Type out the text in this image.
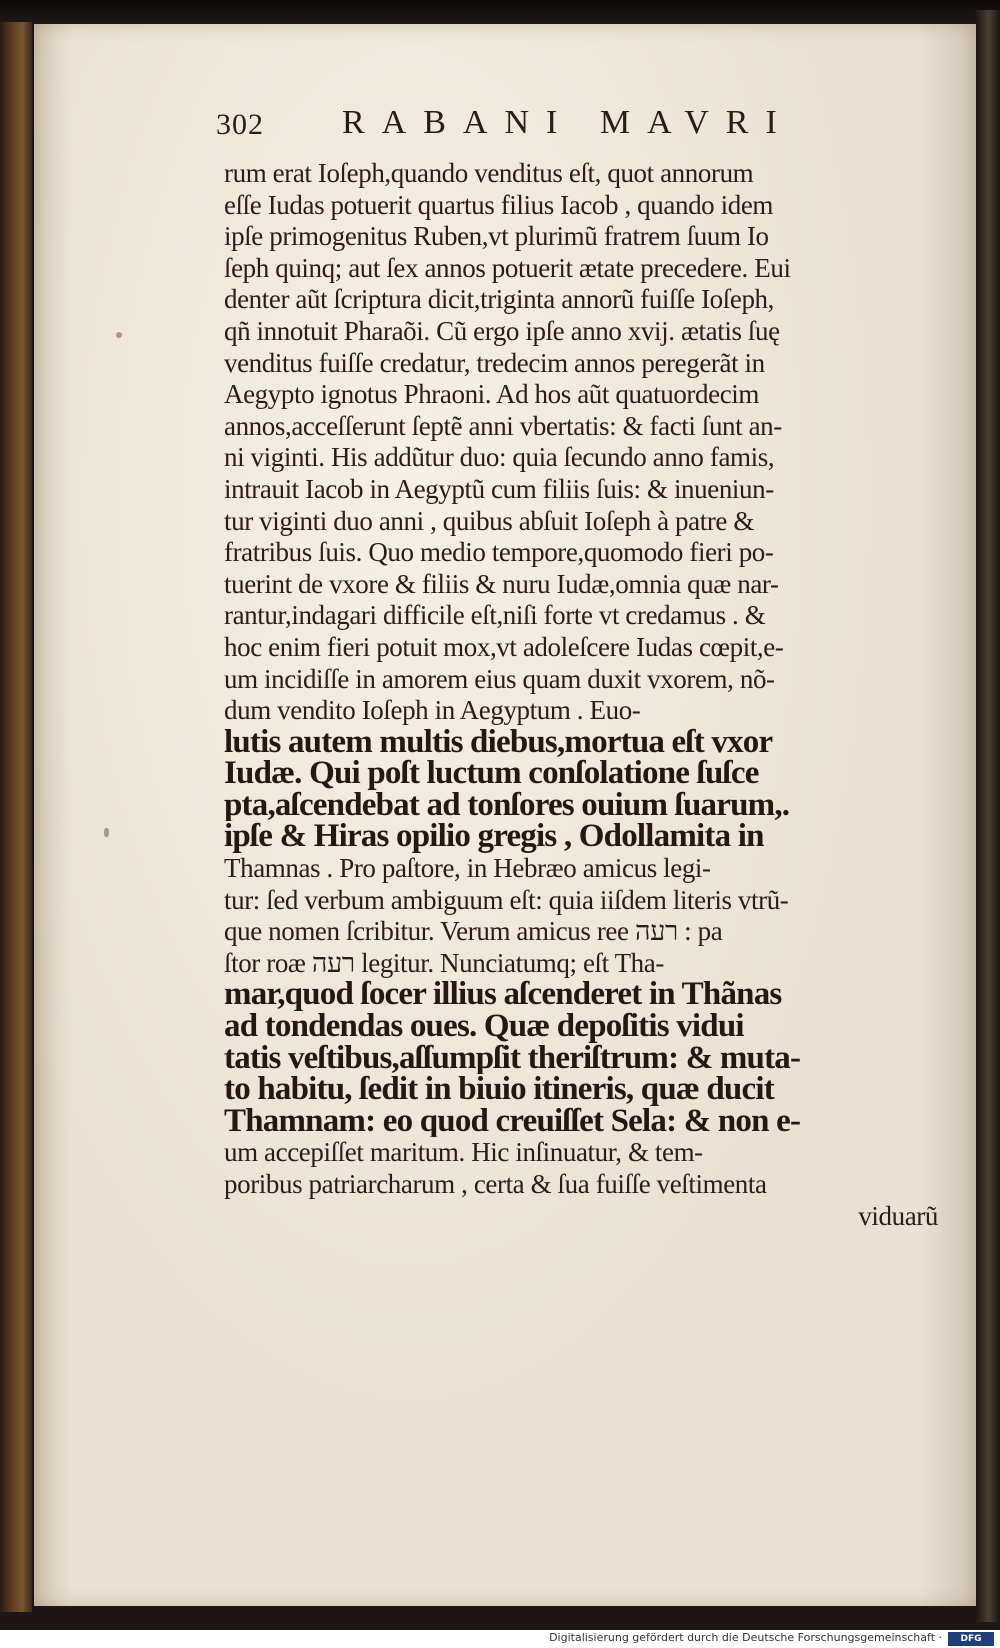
302 RABANI MAVRI
rum erat Ioſeph,quando venditus eſt, quot annorum
eſſe Iudas potuerit quartus filius Iacob , quando idem
ipſe primogenitus Ruben,vt plurimũ fratrem ſuum Io
ſeph quinq; aut ſex annos potuerit ætate precedere. Eui
denter aũt ſcriptura dicit,triginta annorũ fuiſſe Ioſeph,
qñ innotuit Pharaõi. Cũ ergo ipſe anno xvij. ætatis ſuę
venditus fuiſſe credatur, tredecim annos peregerãt in
Aegypto ignotus Phraoni. Ad hos aũt quatuordecim
annos,acceſſerunt ſeptẽ anni vbertatis: & facti ſunt an-
ni viginti. His addũtur duo: quia ſecundo anno famis,
intrauit Iacob in Aegyptũ cum filiis ſuis: & inueniun-
tur viginti duo anni , quibus abſuit Ioſeph à patre &
fratribus ſuis. Quo medio tempore,quomodo fieri po-
tuerint de vxore & filiis & nuru Iudæ,omnia quæ nar-
rantur,indagari difficile eſt,niſi forte vt credamus . &
hoc enim fieri potuit mox,vt adoleſcere Iudas cœpit,e-
um incidiſſe in amorem eius quam duxit vxorem, nõ-
dum vendito Ioſeph in Aegyptum . Euo-
lutis autem multis diebus,mortua eſt vxor
Iudæ. Qui poſt luctum conſolatione ſuſce
pta,aſcendebat ad tonſores ouium ſuarum,.
ipſe & Hiras opilio gregis , Odollamita in
Thamnas . Pro paſtore, in Hebræo amicus legi-
tur: ſed verbum ambiguum eſt: quia iiſdem literis vtrũ-
que nomen ſcribitur. Verum amicus ree רעה : pa
ſtor roæ רעה legitur. Nunciatumq; eſt Tha-
mar,quod ſocer illius aſcenderet in Thãnas
ad tondendas oues. Quæ depoſitis vidui
tatis veſtibus,aſſumpſit theriſtrum: & muta-
to habitu, ſedit in biuio itineris, quæ ducit
Thamnam: eo quod creuiſſet Sela: & non e-
um accepiſſet maritum. Hic inſinuatur, & tem-
poribus patriarcharum , certa & ſua fuiſſe veſtimenta
viduarũ
Digitalisierung gefördert durch die Deutsche Forschungsgemeinschaft ·	DFG
